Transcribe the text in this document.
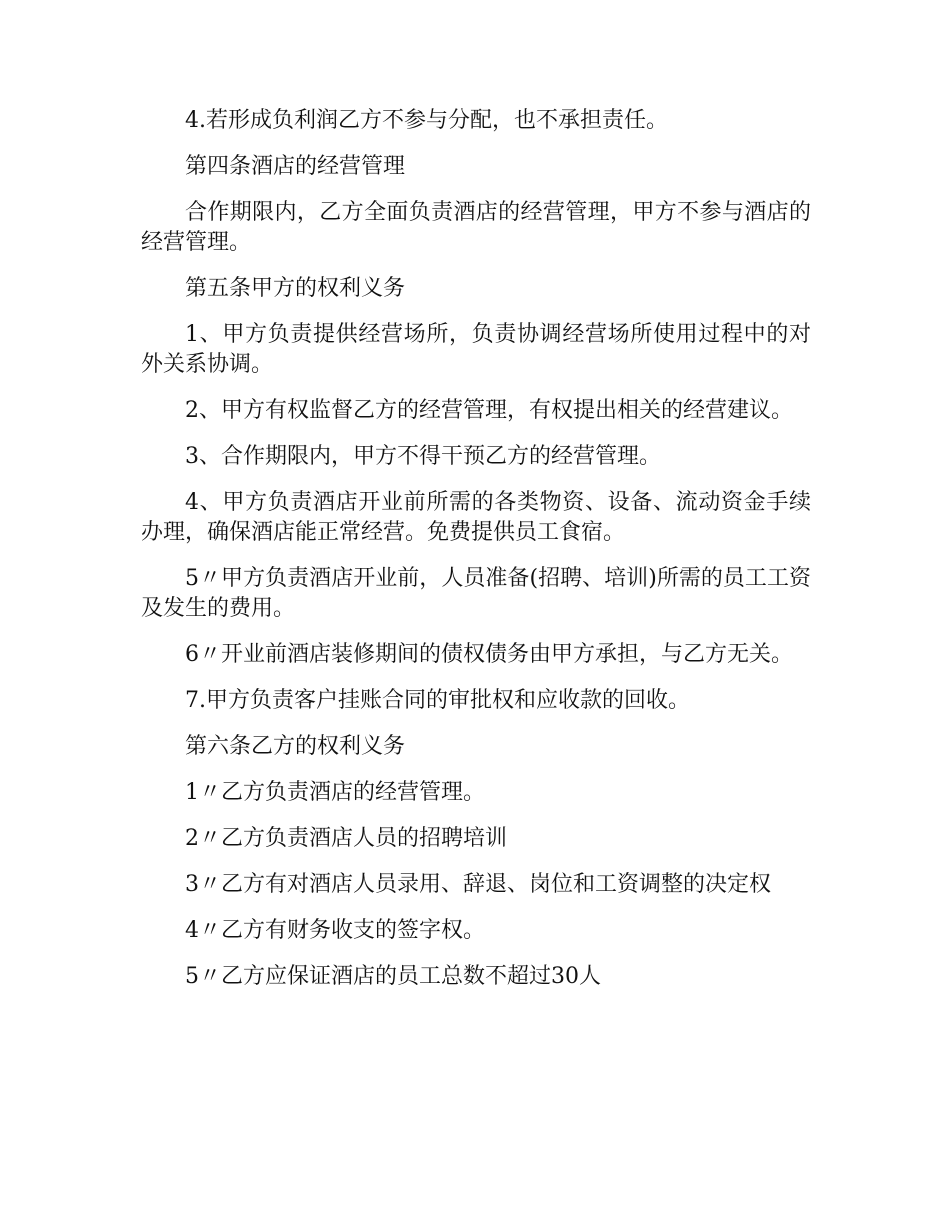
4.若形成负利润乙方不参与分配，也不承担责任。

第四条酒店的经营管理

合作期限内，乙方全面负责酒店的经营管理，甲方不参与酒店的经营管理。

第五条甲方的权利义务

1、甲方负责提供经营场所，负责协调经营场所使用过程中的对外关系协调。

2、甲方有权监督乙方的经营管理，有权提出相关的经营建议。

3、合作期限内，甲方不得干预乙方的经营管理。

4、甲方负责酒店开业前所需的各类物资、设备、流动资金手续办理，确保酒店能正常经营。免费提供员工食宿。

5〃甲方负责酒店开业前，人员准备(招聘、培训)所需的员工工资及发生的费用。

6〃开业前酒店装修期间的债权债务由甲方承担，与乙方无关。

7.甲方负责客户挂账合同的审批权和应收款的回收。

第六条乙方的权利义务

1〃乙方负责酒店的经营管理。

2〃乙方负责酒店人员的招聘培训

3〃乙方有对酒店人员录用、辞退、岗位和工资调整的决定权

4〃乙方有财务收支的签字权。

5〃乙方应保证酒店的员工总数不超过30人
